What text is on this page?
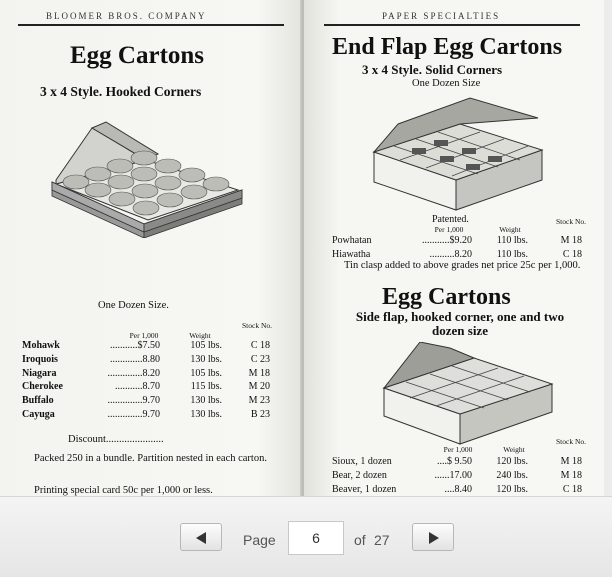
BLOOMER BROS. COMPANY
Egg Cartons
3 x 4 Style. Hooked Corners
One Dozen Size.
Per 1,000	Weight
Stock No.
Mohawk	...........$7.50	105 lbs.	C 18
Iroquois	.............8.80	130 lbs.	C 23
Niagara	..............8.20	105 lbs.	M 18
Cherokee	...........8.70	115 lbs.	M 20
Buffalo	..............9.70	130 lbs.	M 23
Cayuga	..............9.70	130 lbs.	B 23
Discount......................
Packed 250 in a bundle. Partition nested in each carton.
Printing special card 50c per 1,000 or less.
PAPER SPECIALTIES
End Flap Egg Cartons
3 x 4 Style. Solid Corners
One Dozen Size
Patented.
Per 1,000	Weight
Stock No.
Powhatan	...........$9.20	110 lbs.	M 18
Hiawatha	..........8.20	110 lbs.	C 18
Tin clasp added to above grades net price 25c per 1,000.
Egg Cartons
Side flap, hooked corner, one and two dozen size
Per 1,000	Weight
Stock No.
Sioux, 1 dozen	....$ 9.50	120 lbs.	M 18
Bear, 2 dozen	......17.00	240 lbs.	M 18
Beaver, 1 dozen	....8.40	120 lbs.	C 18
Page
6	of 27
